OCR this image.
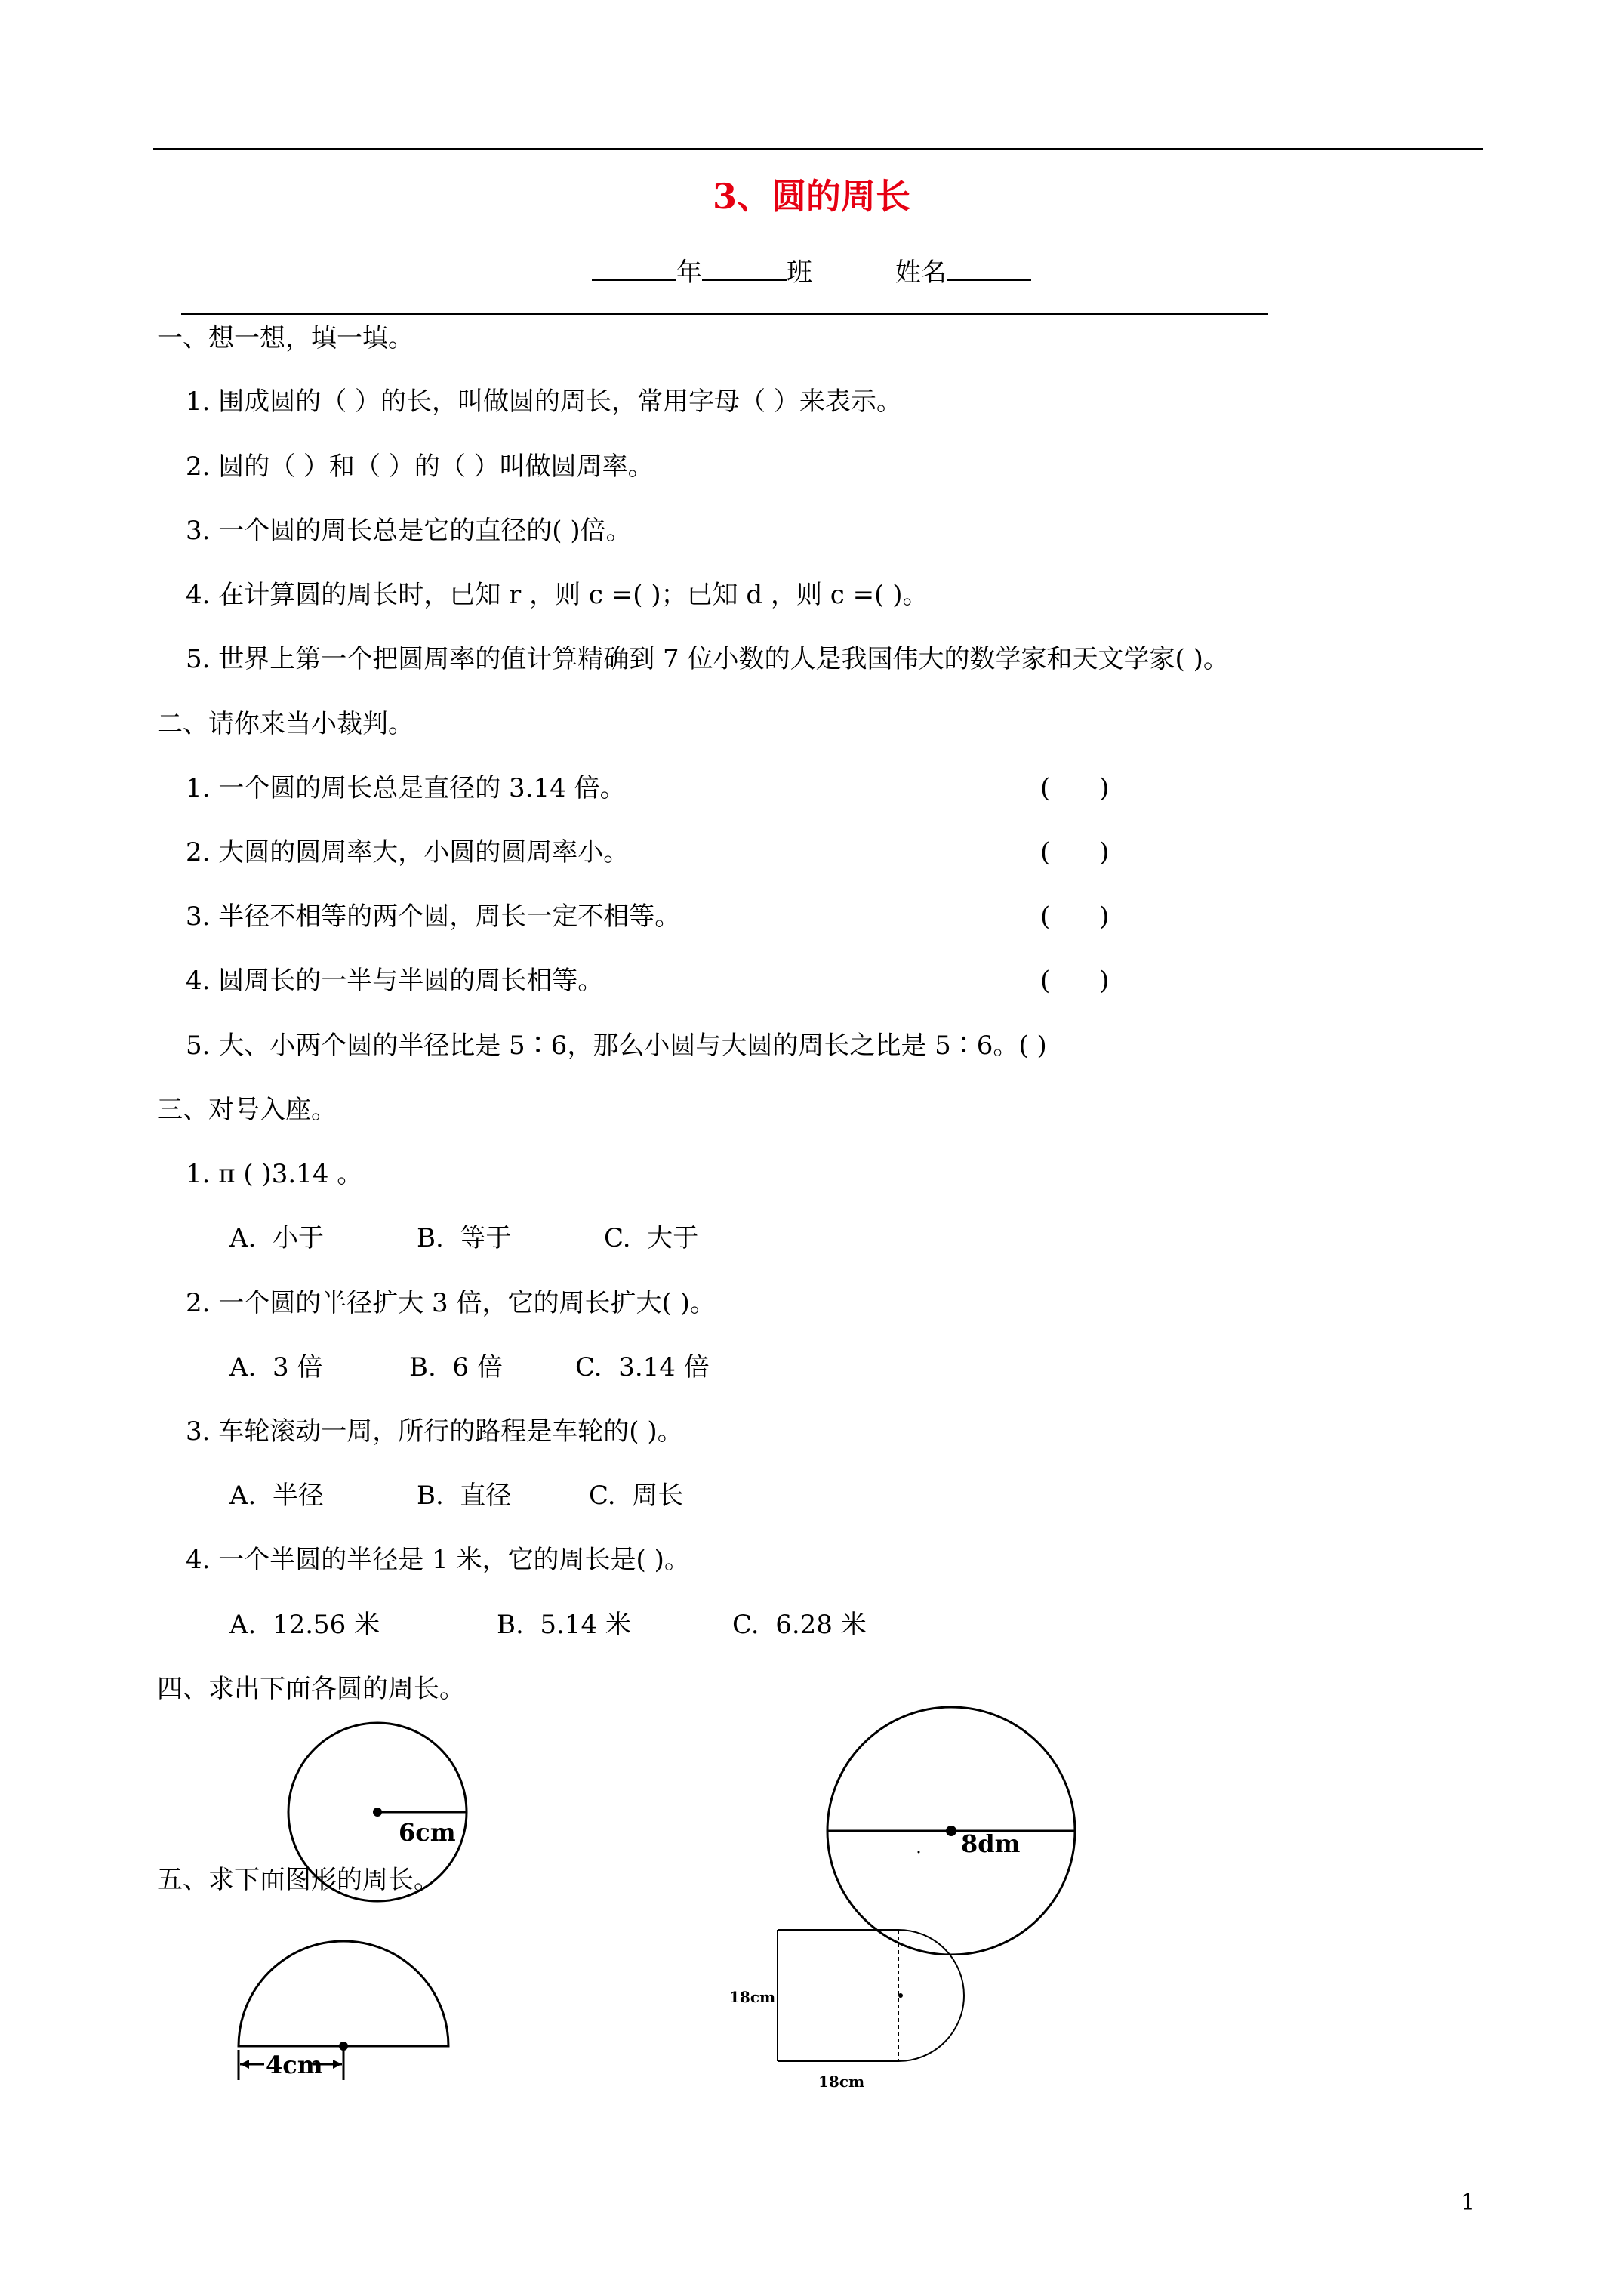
3、圆的周长
年	班	姓名
一、想一想，填一填。
1. 围成圆的（ ）的长，叫做圆的周长，常用字母（ ）来表示。
2. 圆的（ ）和（ ）的（ ）叫做圆周率。
3. 一个圆的周长总是它的直径的( )倍。
4. 在计算圆的周长时，已知 r ，则 c =( )；已知 d ，则 c =( )。
5. 世界上第一个把圆周率的值计算精确到 7 位小数的人是我国伟大的数学家和天文学家( )。
二、请你来当小裁判。
1. 一个圆的周长总是直径的 3.14 倍。	(      )
2. 大圆的圆周率大，小圆的圆周率小。	(      )
3. 半径不相等的两个圆，周长一定不相等。	(      )
4. 圆周长的一半与半圆的周长相等。	(      )
5. 大、小两个圆的半径比是 5∶6，那么小圆与大圆的周长之比是 5∶6。( )
三、对号入座。
1. π ( )3.14 。
A.  小于	B.  等于	C.  大于
2. 一个圆的半径扩大 3 倍，它的周长扩大( )。
A.  3 倍	B.  6 倍	C.  3.14 倍
3. 车轮滚动一周，所行的路程是车轮的( )。
A.  半径	B.  直径	C.  周长
4. 一个半圆的半径是 1 米，它的周长是( )。
A.  12.56 米	B.  5.14 米	C.  6.28 米
四、求出下面各圆的周长。
6cm	8dm
五、求下面图形的周长。
4cm
18cm
18cm
1
